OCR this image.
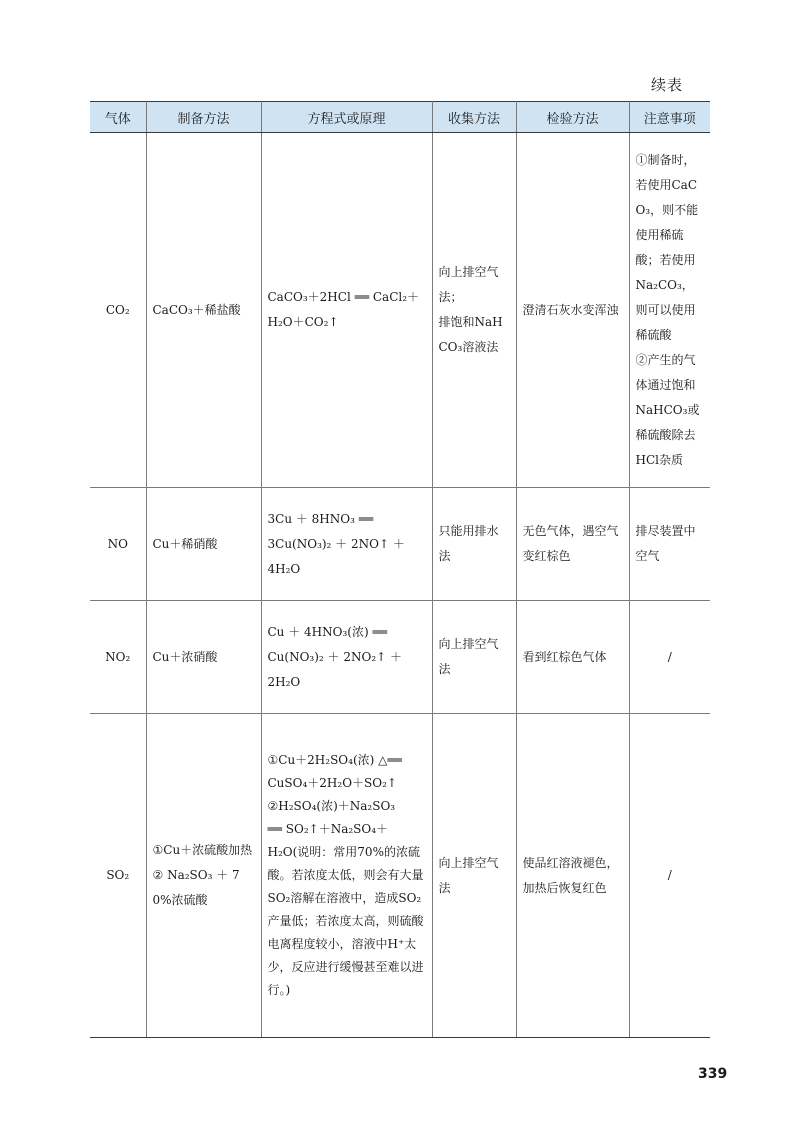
续表
气体	制备方法	方程式或原理	收集方法	检验方法	注意事项
CO₂	CaCO₃＋稀盐酸	CaCO₃＋2HCl ══ CaCl₂＋
H₂O＋CO₂↑	向上排空气法；
排饱和NaHCO₃溶液法	澄清石灰水变浑浊	①制备时，若使用CaCO₃，则不能使用稀硫酸；若使用Na₂CO₃，则可以使用稀硫酸
②产生的气体通过饱和NaHCO₃或稀硫酸除去HCl杂质

NO	Cu＋稀硝酸	3Cu ＋ 8HNO₃ ══
3Cu(NO₃)₂ ＋ 2NO↑ ＋
4H₂O	只能用排水法	无色气体，遇空气变红棕色	排尽装置中空气

NO₂	Cu＋浓硝酸	Cu ＋ 4HNO₃(浓) ══
Cu(NO₃)₂ ＋ 2NO₂↑ ＋
2H₂O	向上排空气法	看到红棕色气体	/

SO₂	①Cu＋浓硫酸加热
② Na₂SO₃ ＋ 70%浓硫酸	①Cu＋2H₂SO₄(浓) △══
CuSO₄＋2H₂O＋SO₂↑
②H₂SO₄(浓)＋Na₂SO₃
══ SO₂↑＋Na₂SO₄＋
H₂O(说明：常用70%的浓硫酸。若浓度太低，则会有大量SO₂溶解在溶液中，造成SO₂产量低；若浓度太高，则硫酸电离程度较小，溶液中H⁺太少，反应进行缓慢甚至难以进行。)	向上排空气法	使品红溶液褪色，加热后恢复红色	/
339
